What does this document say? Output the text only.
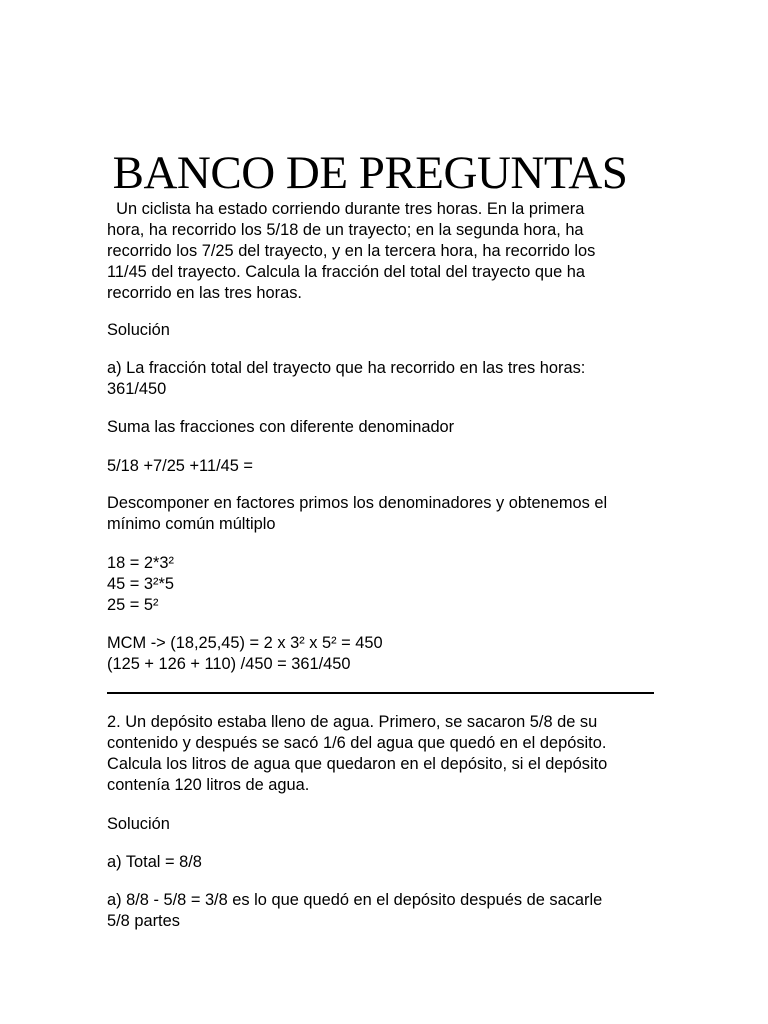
BANCO DE PREGUNTAS

Un ciclista ha estado corriendo durante tres horas. En la primera

hora, ha recorrido los 5/18 de un trayecto; en la segunda hora, ha

recorrido los 7/25 del trayecto, y en la tercera hora, ha recorrido los

11/45 del trayecto. Calcula la fracción del total del trayecto que ha

recorrido en las tres horas.

Solución

a) La fracción total del trayecto que ha recorrido en las tres horas:

361/450

Suma las fracciones con diferente denominador

5/18 +7/25 +11/45 =

Descomponer en factores primos los denominadores y obtenemos el

mínimo común múltiplo

18 = 2*3²

45 = 3²*5

25 = 5²

MCM -> (18,25,45) = 2 x 3² x 5² = 450

(125 + 126 + 110) /450 = 361/450

2. Un depósito estaba lleno de agua. Primero, se sacaron 5/8 de su

contenido y después se sacó 1/6 del agua que quedó en el depósito.

Calcula los litros de agua que quedaron en el depósito, si el depósito

contenía 120 litros de agua.

Solución

a) Total = 8/8

a) 8/8 - 5/8 = 3/8 es lo que quedó en el depósito después de sacarle

5/8 partes
